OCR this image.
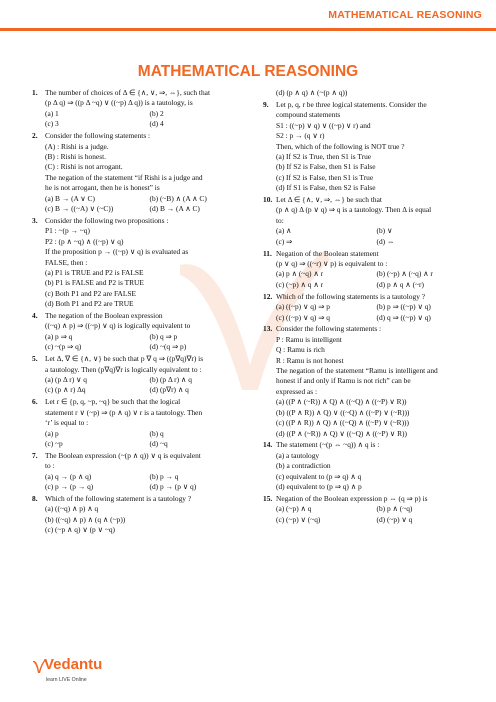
MATHEMATICAL REASONING
MATHEMATICAL REASONING
1. The number of choices of Δ ∈ {∧, ∨, ⇒, ⇔}, such that
(p Δ q) ⇒ ((p Δ ~q) ∨ ((~p) Δ q)) is a tautology, is
(a) 1	(b) 2
(c) 3	(d) 4
2. Consider the following statements :
(A) : Rishi is a judge.
(B) : Rishi is honest.
(C) : Rishi is not arrogant.
The negation of the statement “if Rishi is a judge and
he is not arrogant, then he is honest” is
(a) B → (A ∨ C)	(b) (~B) ∧ (A ∧ C)
(c) B → ((~A) ∨ (~C))	(d) B → (A ∧ C)
3. Consider the following two propositions :
P1 : ~(p → ~q)
P2 : (p ∧ ~q) ∧ ((~p) ∨ q)
If the proposition p → ((~p) ∨ q) is evaluated as
FALSE, then :
(a) P1 is TRUE and P2 is FALSE
(b) P1 is FALSE and P2 is TRUE
(c) Both P1 and P2 are FALSE
(d) Both P1 and P2 are TRUE
4. The negation of the Boolean expression
((~q) ∧ p) ⇒ ((~p) ∨ q) is logically equivalent to
(a) p ⇒ q	(b) q ⇒ p
(c) ~(p ⇒ q)	(d) ~(q ⇒ p)
5. Let Δ, ∇ ∈ {∧, ∨} be such that p ∇ q ⇒ ((p∇q)∇r) is
a tautology. Then (p∇q)∇r is logically equivalent to :
(a) (p Δ r) ∨ q	(b) (p Δ r) ∧ q
(c) (p ∧ r) Δq	(d) (p∇r) ∧ q
6. Let r ∈ {p, q, ~p, ~q} be such that the logical
statement r ∨ (~p) ⇒ (p ∧ q) ∨ r is a tautology. Then
‘r’ is equal to :
(a) p	(b) q
(c) ~p	(d) ~q
7. The Boolean expression (~(p ∧ q)) ∨ q is equivalent
to :
(a) q → (p ∧ q)	(b) p → q
(c) p → (p → q)	(d) p → (p ∨ q)
8. Which of the following statement is a tautology ?
(a) ((~q) ∧ p) ∧ q
(b) ((~q) ∧ p) ∧ (q ∧ (~p))
(c) (~p ∧ q) ∨ (p ∨ ~q)
(d) (p ∧ q) ∧ (~(p ∧ q))
9. Let p, q, r be three logical statements. Consider the
compound statements
S1 : ((~p) ∨ q) ∨ ((~p) ∨ r) and
S2 : p → (q ∨ r)
Then, which of the following is NOT true ?
(a) If S2 is True, then S1 is True
(b) If S2 is False, then S1 is False
(c) If S2 is False, then S1 is True
(d) If S1 is False, then S2 is False
10. Let Δ ∈ {∧, ∨, ⇒, ⇔} be such that
(p ∧ q) Δ (p ∨ q) ⇒ q is a tautology. Then Δ is equal
to:
(a) ∧	(b) ∨
(c) ⇒	(d) ⇔
11. Negation of the Boolean statement
(p ∨ q) ⇒ ((~r) ∨ p) is equivalent to :
(a) p ∧ (~q) ∧ r	(b) (~p) ∧ (~q) ∧ r
(c) (~p) ∧ q ∧ r	(d) p ∧ q ∧ (~r)
12. Which of the following statements is a tautology ?
(a) ((~p) ∨ q) ⇒ p	(b) p ⇒ ((~p) ∨ q)
(c) ((~p) ∨ q) ⇒ q	(d) q ⇒ ((~p) ∨ q)
13. Consider the following statements :
P : Ramu is intelligent
Q : Ramu is rich
R : Ramu is not honest
The negation of the statement “Ramu is intelligent and
honest if and only if Ramu is not rich” can be
expressed as :
(a) ((P ∧ (~R)) ∧ Q) ∧ ((~Q) ∧ ((~P) ∨ R))
(b) ((P ∧ R)) ∧ Q) ∨ ((~Q) ∧ ((~P) ∨ (~R)))
(c) ((P ∧ R)) ∧ Q) ∧ ((~Q) ∧ ((~P) ∨ (~R)))
(d) ((P ∧ (~R)) ∧ Q) ∨ ((~Q) ∧ ((~P) ∨ R))
14. The statement (~(p ⇔ ~q)) ∧ q is :
(a) a tautology
(b) a contradiction
(c) equivalent to (p ⇒ q) ∧ q
(d) equivalent to (p ⇒ q) ∧ p
15. Negation of the Boolean expression p ⇔ (q ⇒ p) is
(a) (~p) ∧ q	(b) p ∧ (~q)
(c) (~p) ∨ (~q)	(d) (~p) ∨ q
Vedantu
learn LIVE Online
